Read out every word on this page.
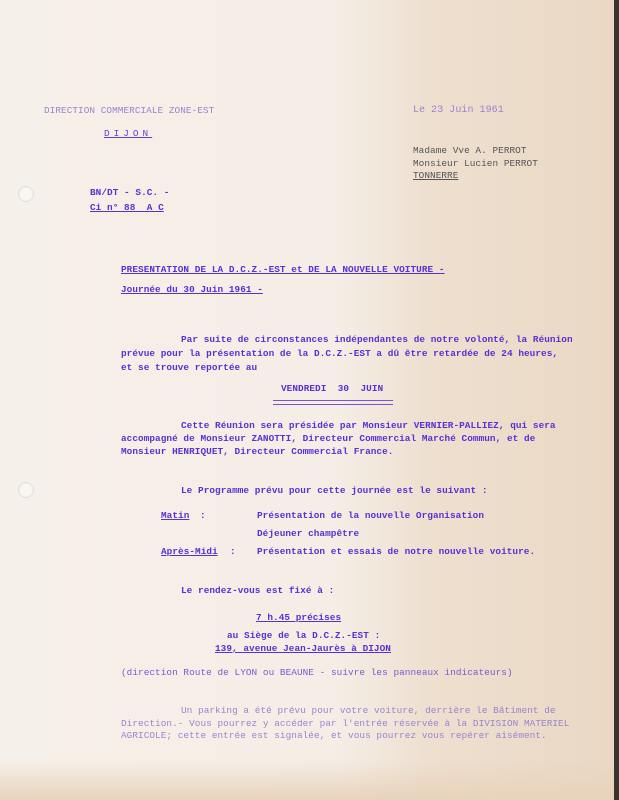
DIRECTION COMMERCIALE ZONE-EST
DIJON
Le 23 Juin 1961
Madame Vve A. PERROT
Monsieur Lucien PERROT
TONNERRE
BN/DT - S.C. -
Ci n° 88  A C
PRESENTATION DE LA D.C.Z.-EST et DE LA NOUVELLE VOITURE -
Journée du 30 Juin 1961 -
Par suite de circonstances indépendantes de notre volonté, la Réunion
prévue pour la présentation de la D.C.Z.-EST a dû être retardée de 24 heures,
et se trouve reportée au
VENDREDI  30  JUIN
Cette Réunion sera présidée par Monsieur VERNIER-PALLIEZ, qui sera
accompagné de Monsieur ZANOTTI, Directeur Commercial Marché Commun, et de
Monsieur HENRIQUET, Directeur Commercial France.
Le Programme prévu pour cette journée est le suivant :
Matin :	Présentation de la nouvelle Organisation
Déjeuner champêtre
Après-Midi : Présentation et essais de notre nouvelle voiture.
Le rendez-vous est fixé à :
7 h.45 précises
au Siège de la D.C.Z.-EST :
139, avenue Jean-Jaurès à DIJON
(direction Route de LYON ou BEAUNE - suivre les panneaux indicateurs)
Un parking a été prévu pour votre voiture, derrière le Bâtiment de
Direction.- Vous pourrez y accéder par l'entrée réservée à la DIVISION MATERIEL
AGRICOLE; cette entrée est signalée, et vous pourrez vous repérer aisément.
